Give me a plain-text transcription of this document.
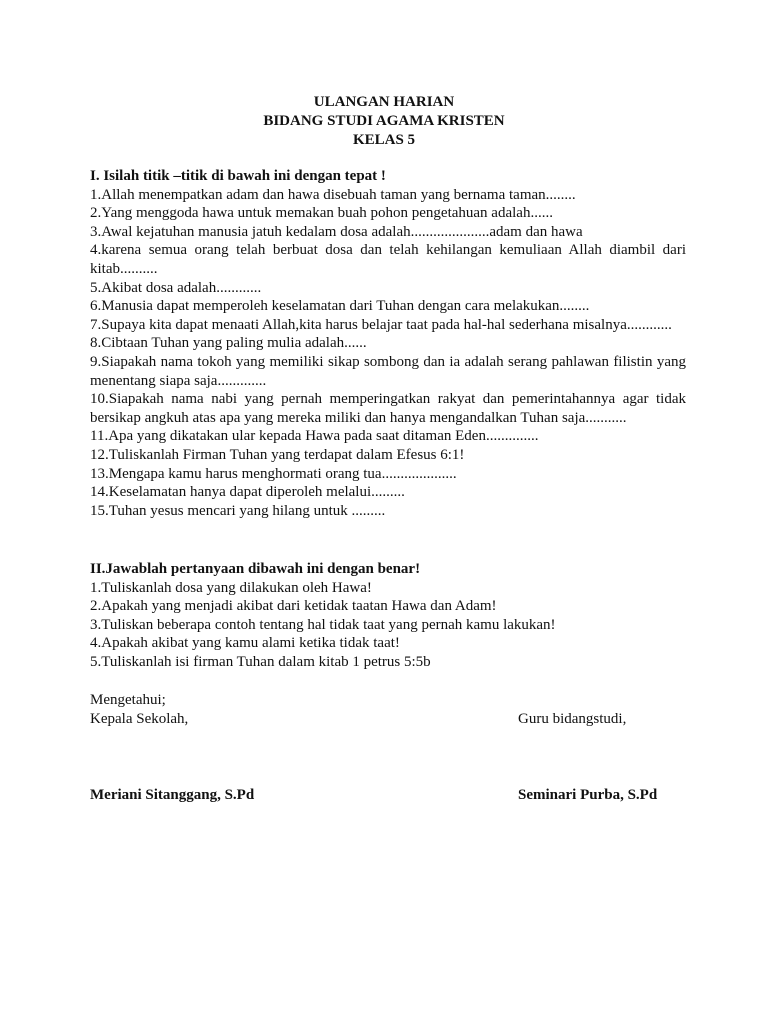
ULANGAN HARIAN
BIDANG STUDI AGAMA KRISTEN
KELAS 5
I. Isilah titik –titik di bawah ini dengan tepat !
1.Allah menempatkan adam dan hawa disebuah taman yang bernama taman........
2.Yang menggoda hawa untuk memakan buah pohon pengetahuan adalah......
3.Awal kejatuhan manusia jatuh kedalam dosa adalah.....................adam dan hawa
4.karena semua orang telah berbuat dosa dan telah kehilangan kemuliaan Allah diambil dari kitab..........
5.Akibat dosa adalah............
6.Manusia dapat memperoleh keselamatan dari Tuhan dengan cara melakukan........
7.Supaya kita dapat menaati Allah,kita harus belajar taat pada hal-hal sederhana misalnya............
8.Cibtaan Tuhan yang paling mulia adalah......
9.Siapakah nama tokoh yang memiliki sikap sombong dan ia adalah serang pahlawan filistin yang menentang siapa saja.............
10.Siapakah nama nabi yang pernah memperingatkan rakyat dan pemerintahannya agar tidak bersikap angkuh atas apa yang mereka miliki dan hanya mengandalkan Tuhan saja...........
11.Apa yang dikatakan ular kepada Hawa pada saat ditaman Eden..............
12.Tuliskanlah Firman Tuhan yang terdapat dalam Efesus 6:1!
13.Mengapa kamu harus menghormati orang tua....................
14.Keselamatan hanya dapat diperoleh melalui.........
15.Tuhan yesus mencari yang hilang untuk .........
II.Jawablah pertanyaan dibawah ini dengan benar!
1.Tuliskanlah dosa yang dilakukan oleh Hawa!
2.Apakah yang menjadi akibat dari ketidak taatan Hawa dan Adam!
3.Tuliskan beberapa contoh tentang hal tidak taat yang pernah kamu lakukan!
4.Apakah akibat yang kamu alami ketika tidak taat!
5.Tuliskanlah isi firman Tuhan dalam kitab 1 petrus 5:5b
Mengetahui;
Kepala Sekolah,	Guru bidangstudi,
Meriani Sitanggang, S.Pd	Seminari Purba, S.Pd
